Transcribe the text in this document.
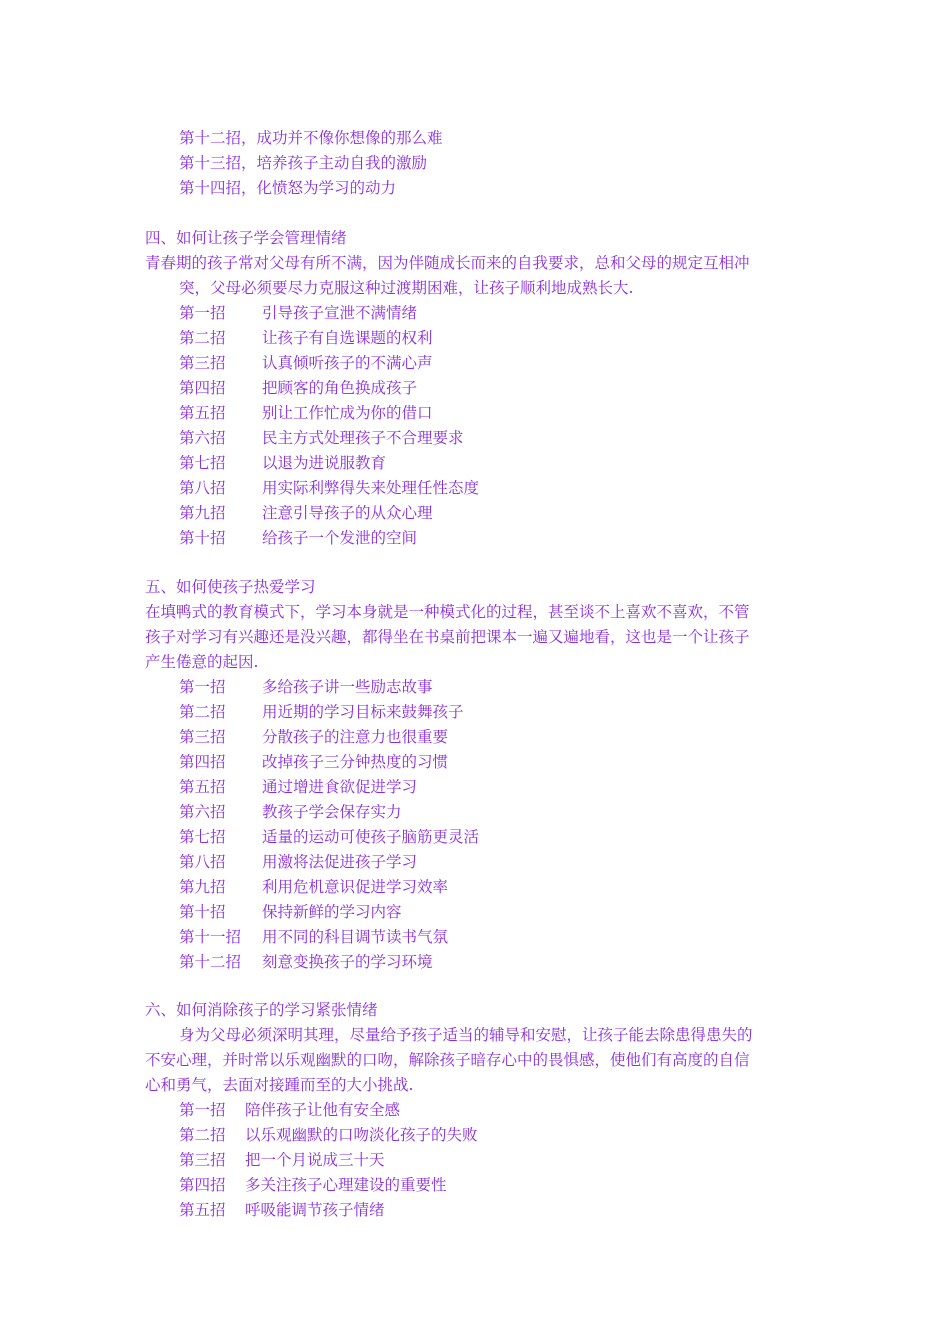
第十二招，成功并不像你想像的那么难
第十三招，培养孩子主动自我的激励
第十四招，化愤怒为学习的动力
四、如何让孩子学会管理情绪
青春期的孩子常对父母有所不满，因为伴随成长而来的自我要求，总和父母的规定互相冲
突，父母必须要尽力克服这种过渡期困难，让孩子顺利地成熟长大.
第一招 引导孩子宣泄不满情绪
第二招 让孩子有自选课题的权利
第三招 认真倾听孩子的不满心声
第四招 把顾客的角色换成孩子
第五招 别让工作忙成为你的借口
第六招 民主方式处理孩子不合理要求
第七招 以退为进说服教育
第八招 用实际利弊得失来处理任性态度
第九招 注意引导孩子的从众心理
第十招 给孩子一个发泄的空间
五、如何使孩子热爱学习
在填鸭式的教育模式下，学习本身就是一种模式化的过程，甚至谈不上喜欢不喜欢，不管
孩子对学习有兴趣还是没兴趣，都得坐在书桌前把课本一遍又遍地看，这也是一个让孩子
产生倦意的起因.
第一招 多给孩子讲一些励志故事
第二招 用近期的学习目标来鼓舞孩子
第三招 分散孩子的注意力也很重要
第四招 改掉孩子三分钟热度的习惯
第五招 通过增进食欲促进学习
第六招 教孩子学会保存实力
第七招 适量的运动可使孩子脑筋更灵活
第八招 用激将法促进孩子学习
第九招 利用危机意识促进学习效率
第十招 保持新鲜的学习内容
第十一招 用不同的科目调节读书气氛
第十二招 刻意变换孩子的学习环境
六、如何消除孩子的学习紧张情绪
身为父母必须深明其理，尽量给予孩子适当的辅导和安慰，让孩子能去除患得患失的
不安心理，并时常以乐观幽默的口吻，解除孩子暗存心中的畏惧感，使他们有高度的自信
心和勇气，去面对接踵而至的大小挑战.
第一招 陪伴孩子让他有安全感
第二招 以乐观幽默的口吻淡化孩子的失败
第三招 把一个月说成三十天
第四招 多关注孩子心理建设的重要性
第五招 呼吸能调节孩子情绪
